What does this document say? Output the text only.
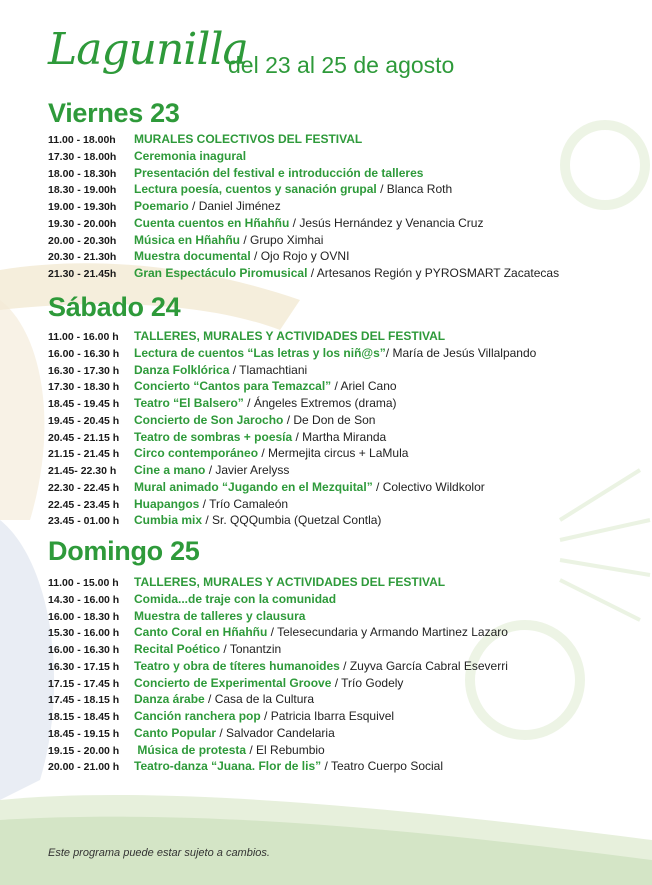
Lagunilla
del 23 al 25 de agosto
Viernes 23
11.00 - 18.00h MURALES COLECTIVOS DEL FESTIVAL
17.30 - 18.00h Ceremonia inagural
18.00 - 18.30h Presentación del festival e introducción de talleres
18.30 - 19.00h Lectura poesía, cuentos y sanación grupal / Blanca Roth
19.00 - 19.30h Poemario / Daniel Jiménez
19.30 - 20.00h Cuenta cuentos en Hñahñu / Jesús Hernández y Venancia Cruz
20.00 - 20.30h Música en Hñahñu / Grupo Ximhai
20.30 - 21.30h Muestra documental / Ojo Rojo y OVNI
21.30 - 21.45h Gran Espectáculo Piromusical / Artesanos Región y PYROSMART Zacatecas
Sábado 24
11.00 - 16.00 h TALLERES, MURALES Y ACTIVIDADES DEL FESTIVAL
16.00 - 16.30 h Lectura de cuentos “Las letras y los niñ@s”/ María de Jesús Villalpando
16.30 - 17.30 h Danza Folklórica / Tlamachtiani
17.30 - 18.30 h Concierto “Cantos para Temazcal” / Ariel Cano
18.45 - 19.45 h Teatro “El Balsero” / Ángeles Extremos (drama)
19.45 - 20.45 h Concierto de Son Jarocho / De Don de Son
20.45 - 21.15 h Teatro de sombras + poesía / Martha Miranda
21.15 - 21.45 h Circo contemporáneo / Mermejita circus + LaMula
21.45- 22.30 h Cine a mano / Javier Arelyss
22.30 - 22.45 h Mural animado “Jugando en el Mezquital” / Colectivo Wildkolor
22.45 - 23.45 h Huapangos / Trío Camaleón
23.45 - 01.00 h Cumbia mix / Sr. QQQumbia (Quetzal Contla)
Domingo 25
11.00 - 15.00 h TALLERES, MURALES Y ACTIVIDADES DEL FESTIVAL
14.30 - 16.00 h Comida...de traje con la comunidad
16.00 - 18.30 h Muestra de talleres y clausura
15.30 - 16.00 h Canto Coral en Hñahñu / Telesecundaria y Armando Martinez Lazaro
16.00 - 16.30 h Recital Poético / Tonantzin
16.30 - 17.15 h Teatro y obra de títeres humanoides / Zuyva García Cabral Eseverri
17.15 - 17.45 h Concierto de Experimental Groove / Trío Godely
17.45 - 18.15 h Danza árabe / Casa de la Cultura
18.15 - 18.45 h Canción ranchera pop / Patricia Ibarra Esquivel
18.45 - 19.15 h Canto Popular / Salvador Candelaria
19.15 - 20.00 h Música de protesta / El Rebumbio
20.00 - 21.00 h Teatro-danza “Juana. Flor de lis” / Teatro Cuerpo Social
Este programa puede estar sujeto a cambios.
